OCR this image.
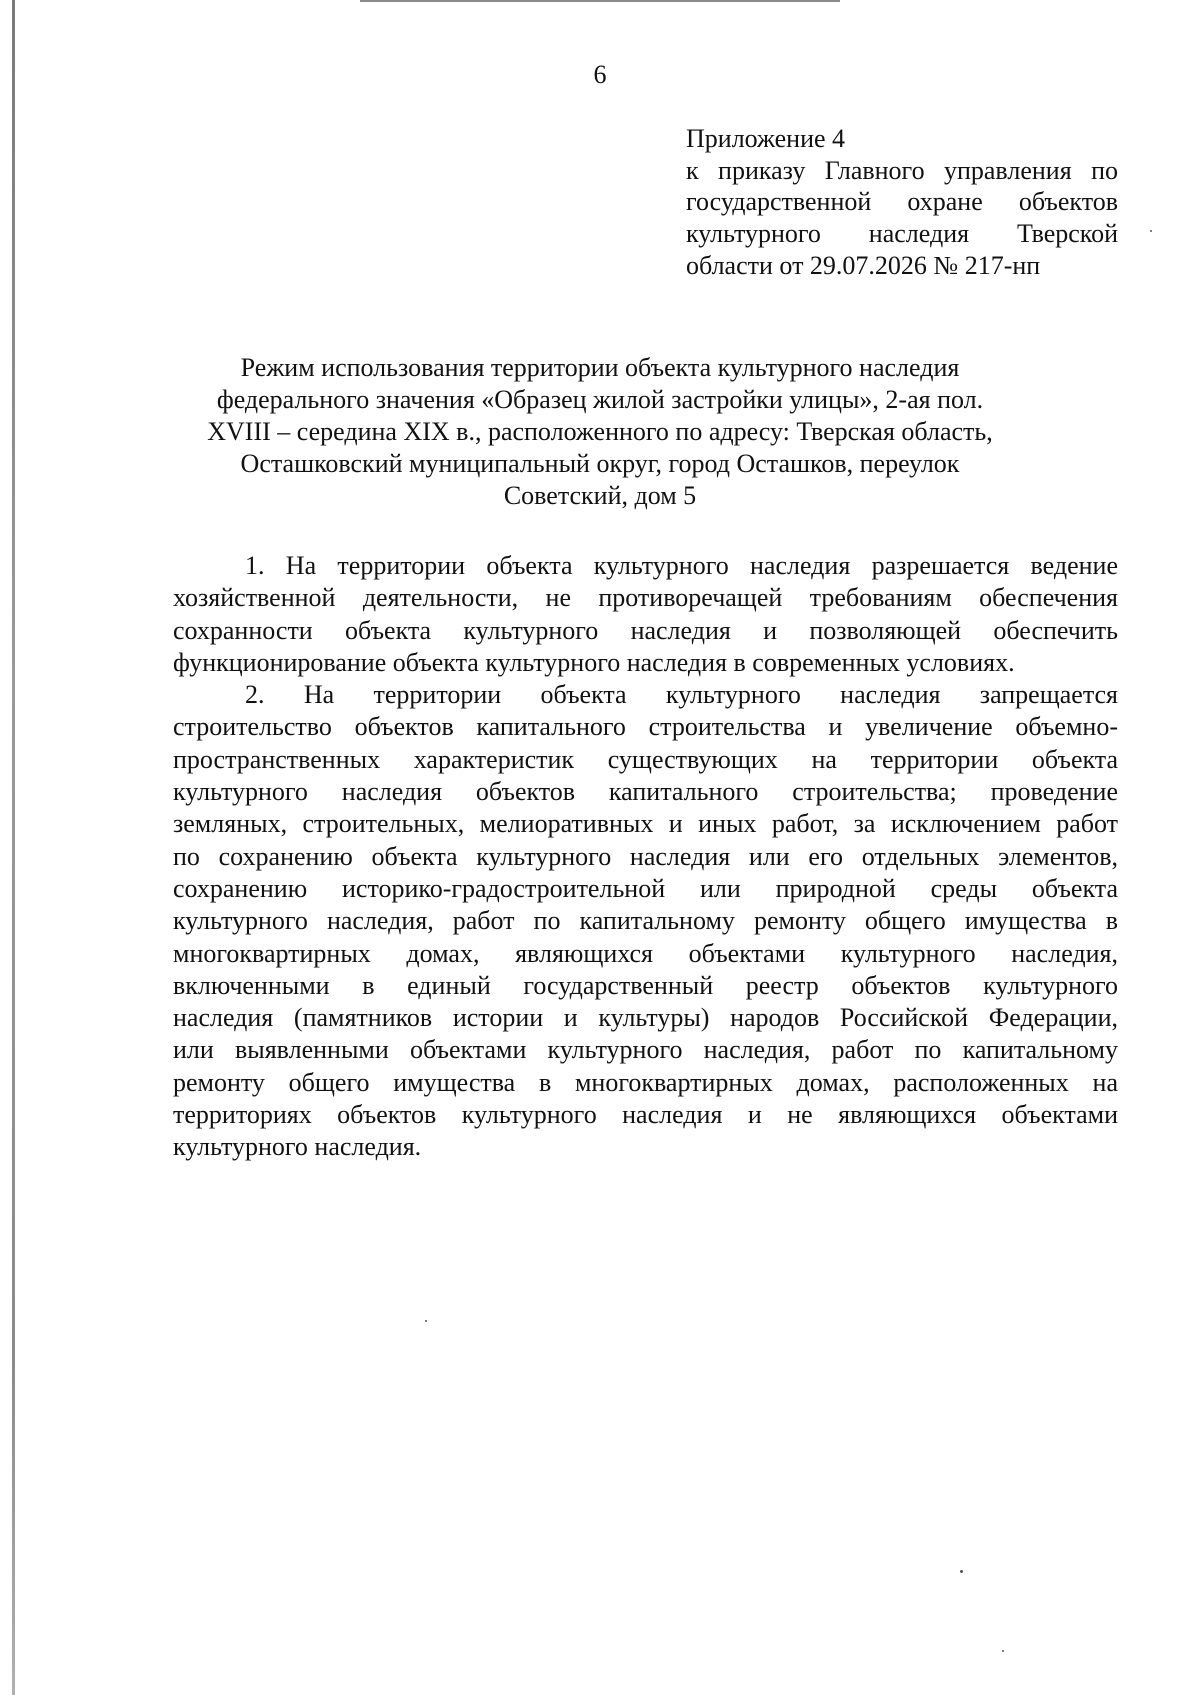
6
Приложение 4
к приказу Главного управления по
государственной охране объектов
культурного наследия Тверской
области от 29.07.2026 № 217-нп
Режим использования территории объекта культурного наследия
федерального значения «Образец жилой застройки улицы», 2-ая пол.
XVIII – середина XIX в., расположенного по адресу: Тверская область,
Осташковский муниципальный округ, город Осташков, переулок
Советский, дом 5
1. На территории объекта культурного наследия разрешается ведение
хозяйственной деятельности, не противоречащей требованиям обеспечения
сохранности объекта культурного наследия и позволяющей обеспечить
функционирование объекта культурного наследия в современных условиях.
2. На территории объекта культурного наследия запрещается
строительство объектов капитального строительства и увеличение объемно-
пространственных характеристик существующих на территории объекта
культурного наследия объектов капитального строительства; проведение
земляных, строительных, мелиоративных и иных работ, за исключением работ
по сохранению объекта культурного наследия или его отдельных элементов,
сохранению историко-градостроительной или природной среды объекта
культурного наследия, работ по капитальному ремонту общего имущества в
многоквартирных домах, являющихся объектами культурного наследия,
включенными в единый государственный реестр объектов культурного
наследия (памятников истории и культуры) народов Российской Федерации,
или выявленными объектами культурного наследия, работ по капитальному
ремонту общего имущества в многоквартирных домах, расположенных на
территориях объектов культурного наследия и не являющихся объектами
культурного наследия.
